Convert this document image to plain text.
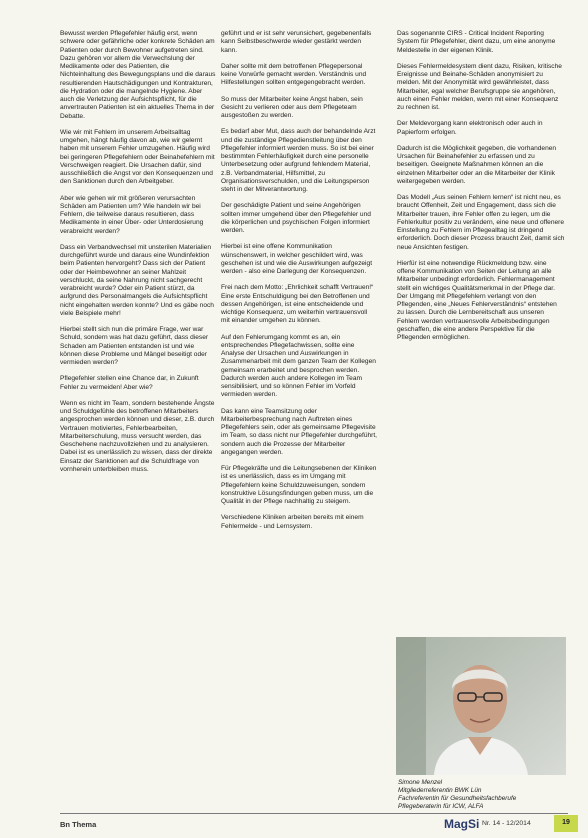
Bewusst werden Pflegefehler häufig erst, wenn schwere oder gefährliche oder konkrete Schäden am Patienten oder durch Bewohner aufgetreten sind. Dazu gehören vor allem die Verwechslung der Medikamente oder des Patienten, die Nichteinhaltung des Bewegungsplans und die daraus resultierenden Hautschädigungen und Kontrakturen, die Hydration oder die mangelnde Hygiene. Aber auch die Verletzung der Aufsichtspflicht, für die anvertrauten Patienten ist ein aktuelles Thema in der Debatte.

Wie wir mit Fehlern im unserem Arbeitsalltag umgehen, hängt häufig davon ab, wie wir gelernt haben mit unserem Fehler umzugehen. Häufig wird bei geringeren Pflegefehlern oder Beinahefehlern mit Verschweigen reagiert. Die Ursachen dafür, sind ausschließlich die Angst vor den Konsequenzen und den Sanktionen durch den Arbeitgeber.

Aber wie gehen wir mit größeren verursachten Schäden am Patienten um? Wie handeln wir bei Fehlern, die teilweise daraus resultieren, dass Medikamente in einer Über- oder Unterdosierung verabreicht werden?

Dass ein Verbandwechsel mit unsterilen Materialien durchgeführt wurde und daraus eine Wundinfektion beim Patienten hervorgeht? Dass sich der Patient oder der Heimbewohner an seiner Mahlzeit verschluckt, da seine Nahrung nicht sachgerecht verabreicht wurde? Oder ein Patient stürzt, da aufgrund des Personalmangels die Aufsichtspflicht nicht eingehalten werden konnte? Und es gäbe noch viele Beispiele mehr!

Hierbei stellt sich nun die primäre Frage, wer war Schuld, sondern was hat dazu geführt, dass dieser Schaden am Patienten entstanden ist und wie können diese Probleme und Mängel beseitigt oder vermieden werden?

Pflegefehler stellen eine Chance dar, in Zukunft Fehler zu vermeiden! Aber wie?

Wenn es nicht im Team, sondern bestehende Ängste und Schuldgefühle des betroffenen Mitarbeiters angesprochen werden können und dieser, z.B. durch Vertrauen motiviertes, Fehlerbearbeiten, Mitarbeiterschulung, muss versucht werden, das Geschehene nachzuvollziehen und zu analysieren. Dabei ist es unerlässlich zu wissen, dass der direkte Einsatz der Sanktionen auf die Schuldfrage von vornherein unterbleiben muss.

geführt und er ist sehr verunsichert, gegebenenfalls kann Selbstbeschwerde wieder gestärkt werden kann.

Daher sollte mit dem betroffenen Pflegepersonal keine Vorwürfe gemacht werden. Verständnis und Hilfestellungen sollten entgegengebracht werden.

So muss der Mitarbeiter keine Angst haben, sein Gesicht zu verlieren oder aus dem Pflegeteam ausgestoßen zu werden.

Es bedarf aber Mut, dass auch der behandelnde Arzt und die zuständige Pflegedienstleitung über den Pflegefehler informiert werden muss. So ist bei einer bestimmten Fehlerhäufigkeit durch eine personelle Unterbesetzung oder aufgrund fehlendem Material, z.B. Verbandmaterial, Hilfsmittel, zu Organisationsverschulden, und die Leitungsperson steht in der Mitverantwortung.

Der geschädigte Patient und seine Angehörigen sollten immer umgehend über den Pflegefehler und die körperlichen und psychischen Folgen informiert werden.

Hierbei ist eine offene Kommunikation wünschenswert, in welcher geschildert wird, was geschehen ist und wie die Auswirkungen aufgezeigt werden - also eine Darlegung der Konsequenzen.

Frei nach dem Motto: „Ehrlichkeit schafft Vertrauen!“ Eine erste Entschuldigung bei den Betroffenen und dessen Angehörigen, ist eine entscheidende und wichtige Konsequenz, um weiterhin vertrauensvoll mit einander umgehen zu können.

Auf den Fehlerumgang kommt es an, ein entsprechendes Pflegefachwissen, sollte eine Analyse der Ursachen und Auswirkungen in Zusammenarbeit mit dem ganzen Team der Kollegen gemeinsam erarbeitet und besprochen werden. Dadurch werden auch andere Kollegen im Team sensibilisiert, und so können Fehler im Vorfeld vermieden werden.

Das kann eine Teamsitzung oder Mitarbeiterbesprechung nach Auftreten eines Pflegefehlers sein, oder als gemeinsame Pflegevisite im Team, so dass nicht nur Pflegefehler durchgeführt, sondern auch die Prozesse der Mitarbeiter angegangen werden.

Für Pflegekräfte und die Leitungsebenen der Kliniken ist es unerlässlich, dass es im Umgang mit Pflegefehlern keine Schuldzuweisungen, sondern konstruktive Lösungsfindungen geben muss, um die Qualität in der Pflege nachhaltig zu steigern.

Verschiedene Kliniken arbeiten bereits mit einem Fehlermelde - und Lernsystem.

Das sogenannte CIRS - Critical Incident Reporting System für Pflegefehler, dient dazu, um eine anonyme Meldestelle in der eigenen Klinik.

Dieses Fehlermeldesystem dient dazu, Risiken, kritische Ereignisse und Beinahe-Schäden anonymisiert zu melden. Mit der Anonymität wird gewährleistet, dass Mitarbeiter, egal welcher Berufsgruppe sie angehören, auch einen Fehler melden, wenn mit einer Konsequenz zu rechnen ist.

Der Meldevorgang kann elektronisch oder auch in Papierform erfolgen.

Dadurch ist die Möglichkeit gegeben, die vorhandenen Ursachen für Beinahefehler zu erfassen und zu beseitigen. Geeignete Maßnahmen können an die einzelnen Mitarbeiter oder an die Mitarbeiter der Klinik weitergegeben werden.

Das Modell „Aus seinen Fehlern lernen“ ist nicht neu, es braucht Offenheit, Zeit und Engagement, dass sich die Mitarbeiter trauen, ihre Fehler offen zu legen, um die Fehlerkultur positiv zu verändern, eine neue und offenere Einstellung zu Fehlern im Pflegealltag ist dringend erforderlich. Doch dieser Prozess braucht Zeit, damit sich neue Ansichten festigen.

Hierfür ist eine notwendige Rückmeldung bzw. eine offene Kommunikation von Seiten der Leitung an alle Mitarbeiter unbedingt erforderlich. Fehlermanagement stellt ein wichtiges Qualitätsmerkmal in der Pflege dar. Der Umgang mit Pflegefehlern verlangt von den Pflegenden, eine „Neues Fehlerverständnis“ entstehen zu lassen. Durch die Lernbereitschaft aus unseren Fehlern werden vertrauensvolle Arbeitsbedingungen geschaffen, die eine andere Perspektive für die Pflegenden ermöglichen.

Simone Menzel
Mitgliederreferentin BWK Lün
Fachreferentin für Gesundheitsfachberufe
Pflegeberaterin für ICW, ALFA
Bn Thema	MagSi Nr. 14 - 12/2014	19
